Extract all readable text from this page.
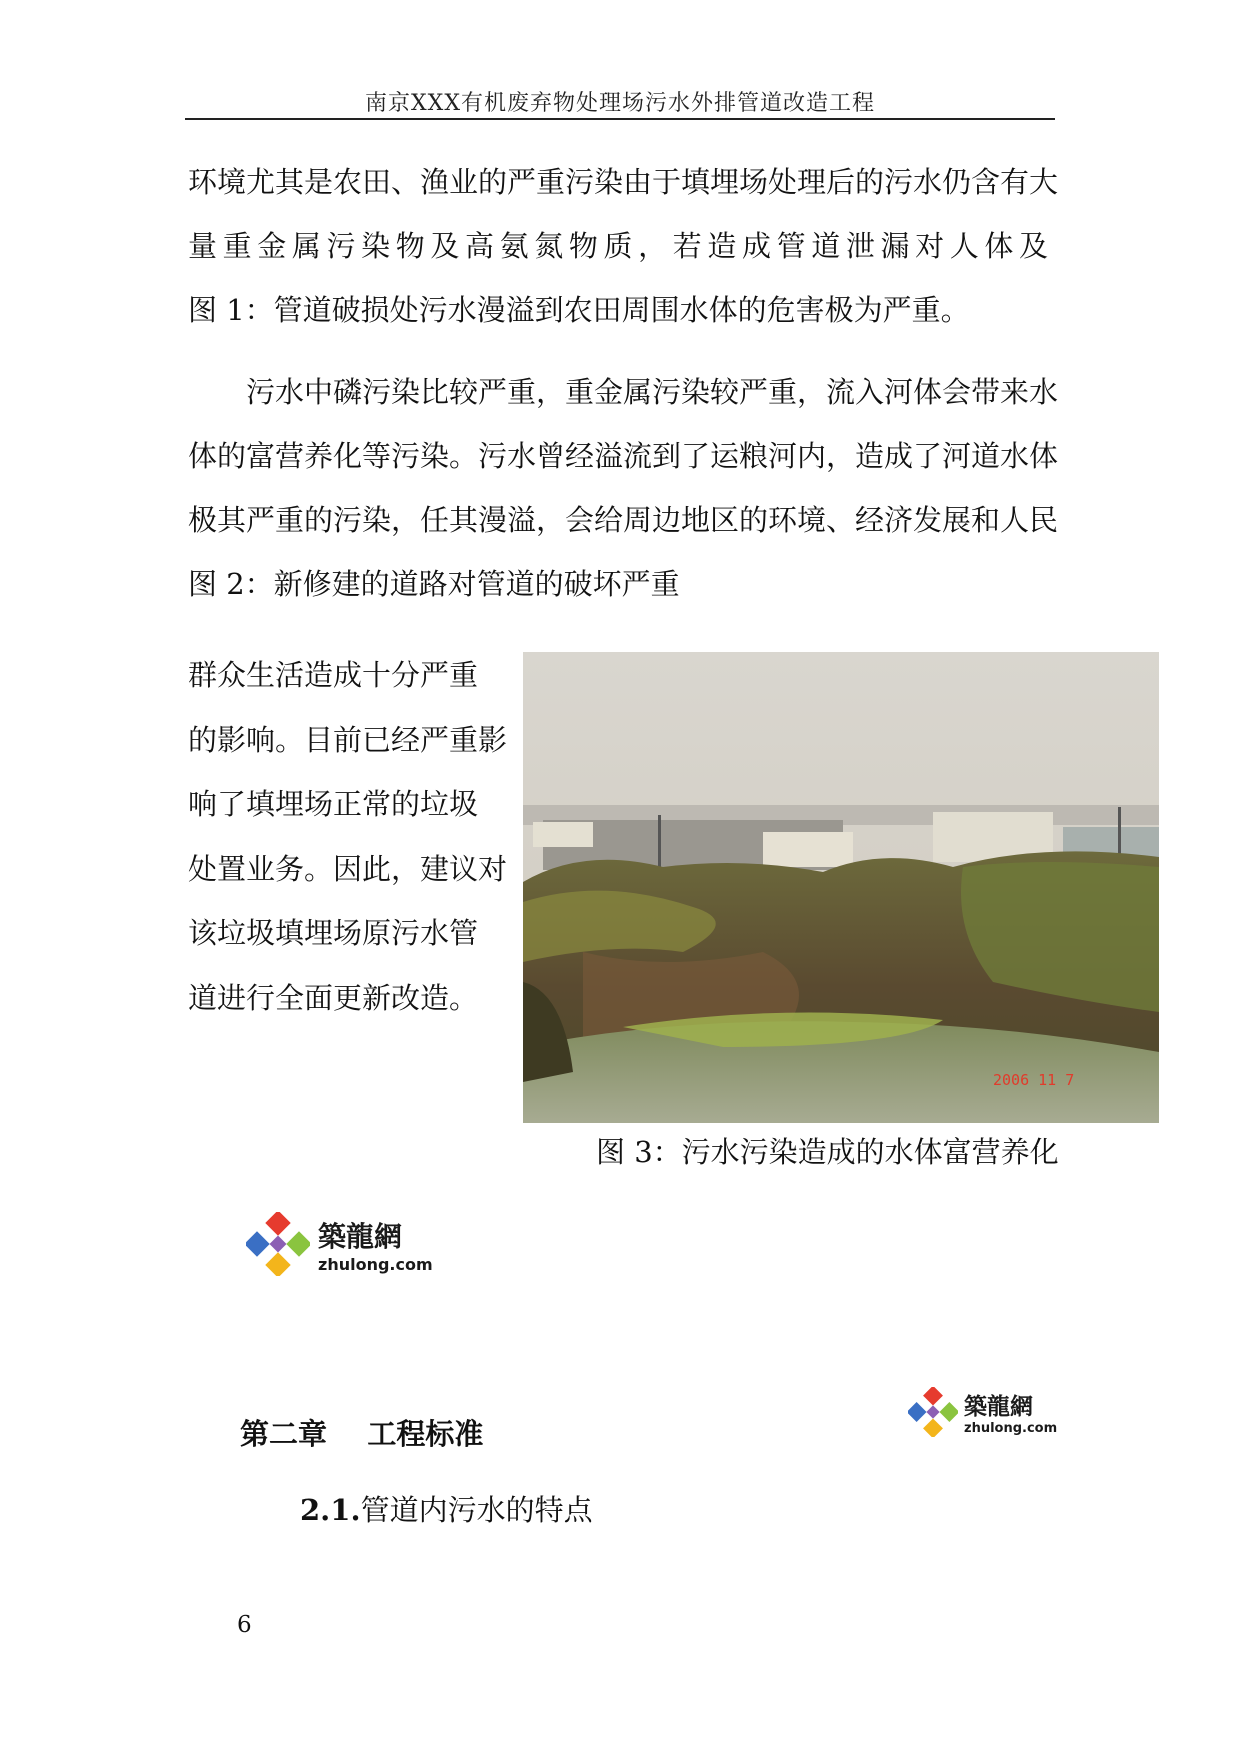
南京XXX有机废弃物处理场污水外排管道改造工程
环境尤其是农田、渔业的严重污染由于填埋场处理后的污水仍含有大
量重金属污染物及高氨氮物质，若造成管道泄漏对人体及
图 1：管道破损处污水漫溢到农田周围水体的危害极为严重。
污水中磷污染比较严重，重金属污染较严重，流入河体会带来水
体的富营养化等污染。污水曾经溢流到了运粮河内，造成了河道水体
极其严重的污染，任其漫溢，会给周边地区的环境、经济发展和人民
图 2：新修建的道路对管道的破坏严重
群众生活造成十分严重
的影响。目前已经严重影
响了填埋场正常的垃圾
处置业务。因此，建议对
该垃圾填埋场原污水管
道进行全面更新改造。
2006 11 7
图 3：污水污染造成的水体富营养化
築龍網
zhulong.com
築龍網
zhulong.com
第二章    工程标准
2.1.管道内污水的特点
6
